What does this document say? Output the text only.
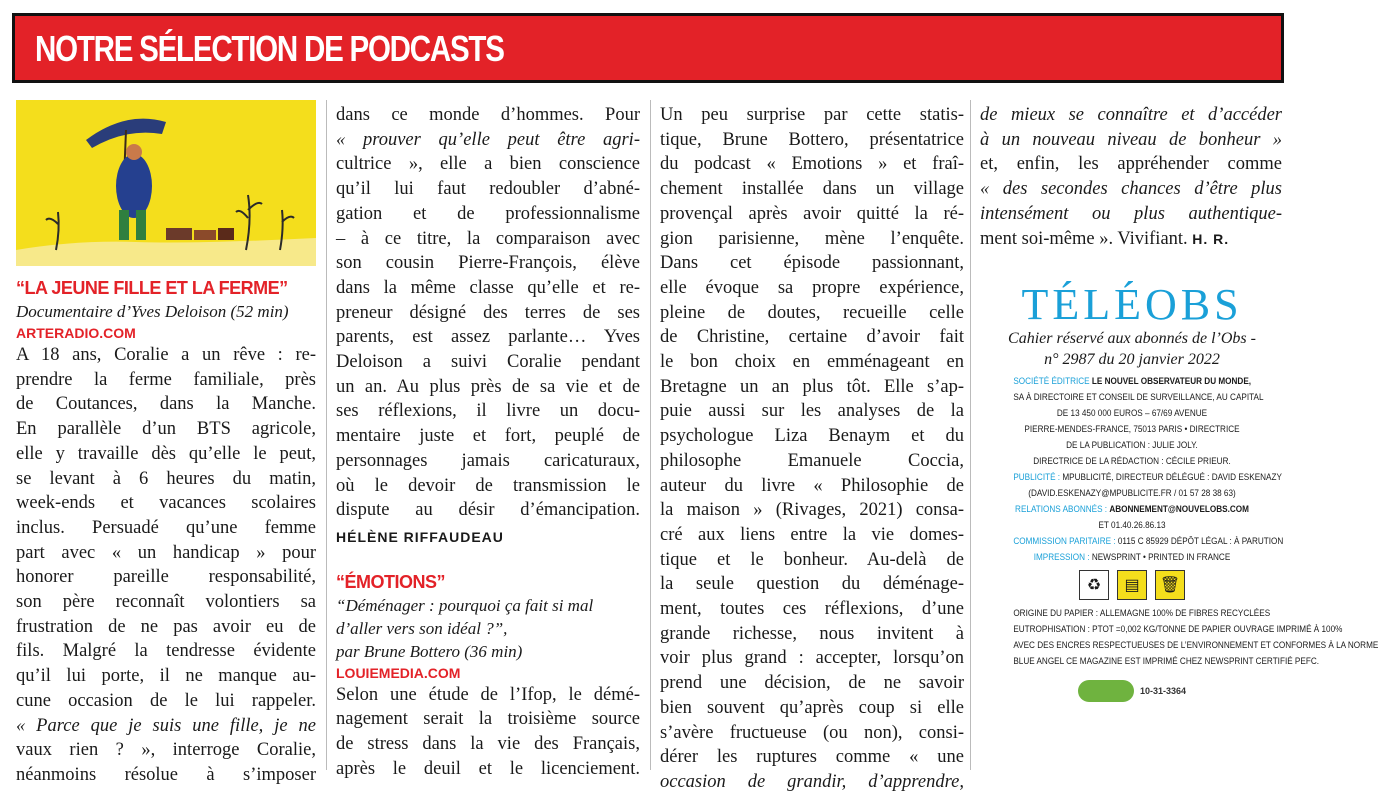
NOTRE SÉLECTION DE PODCASTS
“LA JEUNE FILLE ET LA FERME”
Documentaire d’Yves Deloison (52 min)
ARTERADIO.COM
A 18 ans, Coralie a un rêve : re-
prendre la ferme familiale, près
de Coutances, dans la Manche.
En parallèle d’un BTS agricole,
elle y travaille dès qu’elle le peut,
se levant à 6 heures du matin,
week-ends et vacances scolaires
inclus. Persuadé qu’une femme
part avec « un handicap » pour
honorer pareille responsabilité,
son père reconnaît volontiers sa
frustration de ne pas avoir eu de
fils. Malgré la tendresse évidente
qu’il lui porte, il ne manque au-
cune occasion de le lui rappeler.
« Parce que je suis une fille, je ne
vaux rien ? », interroge Coralie,
néanmoins résolue à s’imposer
dans ce monde d’hommes. Pour
« prouver qu’elle peut être agri-
cultrice », elle a bien conscience
qu’il lui faut redoubler d’abné-
gation et de professionnalisme
– à ce titre, la comparaison avec
son cousin Pierre-François, élève
dans la même classe qu’elle et re-
preneur désigné des terres de ses
parents, est assez parlante… Yves
Deloison a suivi Coralie pendant
un an. Au plus près de sa vie et de
ses réflexions, il livre un docu-
mentaire juste et fort, peuplé de
personnages jamais caricaturaux,
où le devoir de transmission le
dispute au désir d’émancipation.
HÉLÈNE RIFFAUDEAU
“ÉMOTIONS”
“Déménager : pourquoi ça fait si mal
d’aller vers son idéal ?”,
par Brune Bottero (36 min)
LOUIEMEDIA.COM
Selon une étude de l’Ifop, le démé-
nagement serait la troisième source
de stress dans la vie des Français,
après le deuil et le licenciement.
Un peu surprise par cette statis-
tique, Brune Bottero, présentatrice
du podcast « Emotions » et fraî-
chement installée dans un village
provençal après avoir quitté la ré-
gion parisienne, mène l’enquête.
Dans cet épisode passionnant,
elle évoque sa propre expérience,
pleine de doutes, recueille celle
de Christine, certaine d’avoir fait
le bon choix en emménageant en
Bretagne un an plus tôt. Elle s’ap-
puie aussi sur les analyses de la
psychologue Liza Benaym et du
philosophe Emanuele Coccia,
auteur du livre « Philosophie de
la maison » (Rivages, 2021) consa-
cré aux liens entre la vie domes-
tique et le bonheur. Au-delà de
la seule question du déménage-
ment, toutes ces réflexions, d’une
grande richesse, nous invitent à
voir plus grand : accepter, lorsqu’on
prend une décision, de ne savoir
bien souvent qu’après coup si elle
s’avère fructueuse (ou non), consi-
dérer les ruptures comme « une
occasion de grandir, d’apprendre,
de mieux se connaître et d’accéder
à un nouveau niveau de bonheur »
et, enfin, les appréhender comme
« des secondes chances d’être plus
intensément ou plus authentique-
ment soi-même ». Vivifiant. H. R.
TÉLÉOBS
Cahier réservé aux abonnés de l’Obs -
n° 2987 du 20 janvier 2022
SOCIÉTÉ ÉDITRICE LE NOUVEL OBSERVATEUR DU MONDE,
SA À DIRECTOIRE ET CONSEIL DE SURVEILLANCE, AU CAPITAL
DE 13 450 000 EUROS – 67/69 AVENUE
PIERRE-MENDES-FRANCE, 75013 PARIS • DIRECTRICE
DE LA PUBLICATION : JULIE JOLY.
DIRECTRICE DE LA RÉDACTION : CÉCILE PRIEUR.
PUBLICITÉ : MPUBLICITÉ, DIRECTEUR DÉLÉGUÉ : DAVID ESKENAZY
(DAVID.ESKENAZY@MPUBLICITE.FR / 01 57 28 38 63)
RELATIONS ABONNÉS : ABONNEMENT@NOUVELOBS.COM
ET 01.40.26.86.13
COMMISSION PARITAIRE : 0115 C 85929 DÉPÔT LÉGAL : À PARUTION
IMPRESSION : NEWSPRINT • PRINTED IN FRANCE
♻	▤	🗑
ORIGINE DU PAPIER : ALLEMAGNE 100% DE FIBRES RECYCLÉES
EUTROPHISATION : PTOT =0,002 KG/TONNE DE PAPIER OUVRAGE IMPRIMÉ À 100%
AVEC DES ENCRES RESPECTUEUSES DE L’ENVIRONNEMENT ET CONFORMES À LA NORME
BLUE ANGEL CE MAGAZINE EST IMPRIMÉ CHEZ NEWSPRINT CERTIFIÉ PEFC.
10-31-3364
